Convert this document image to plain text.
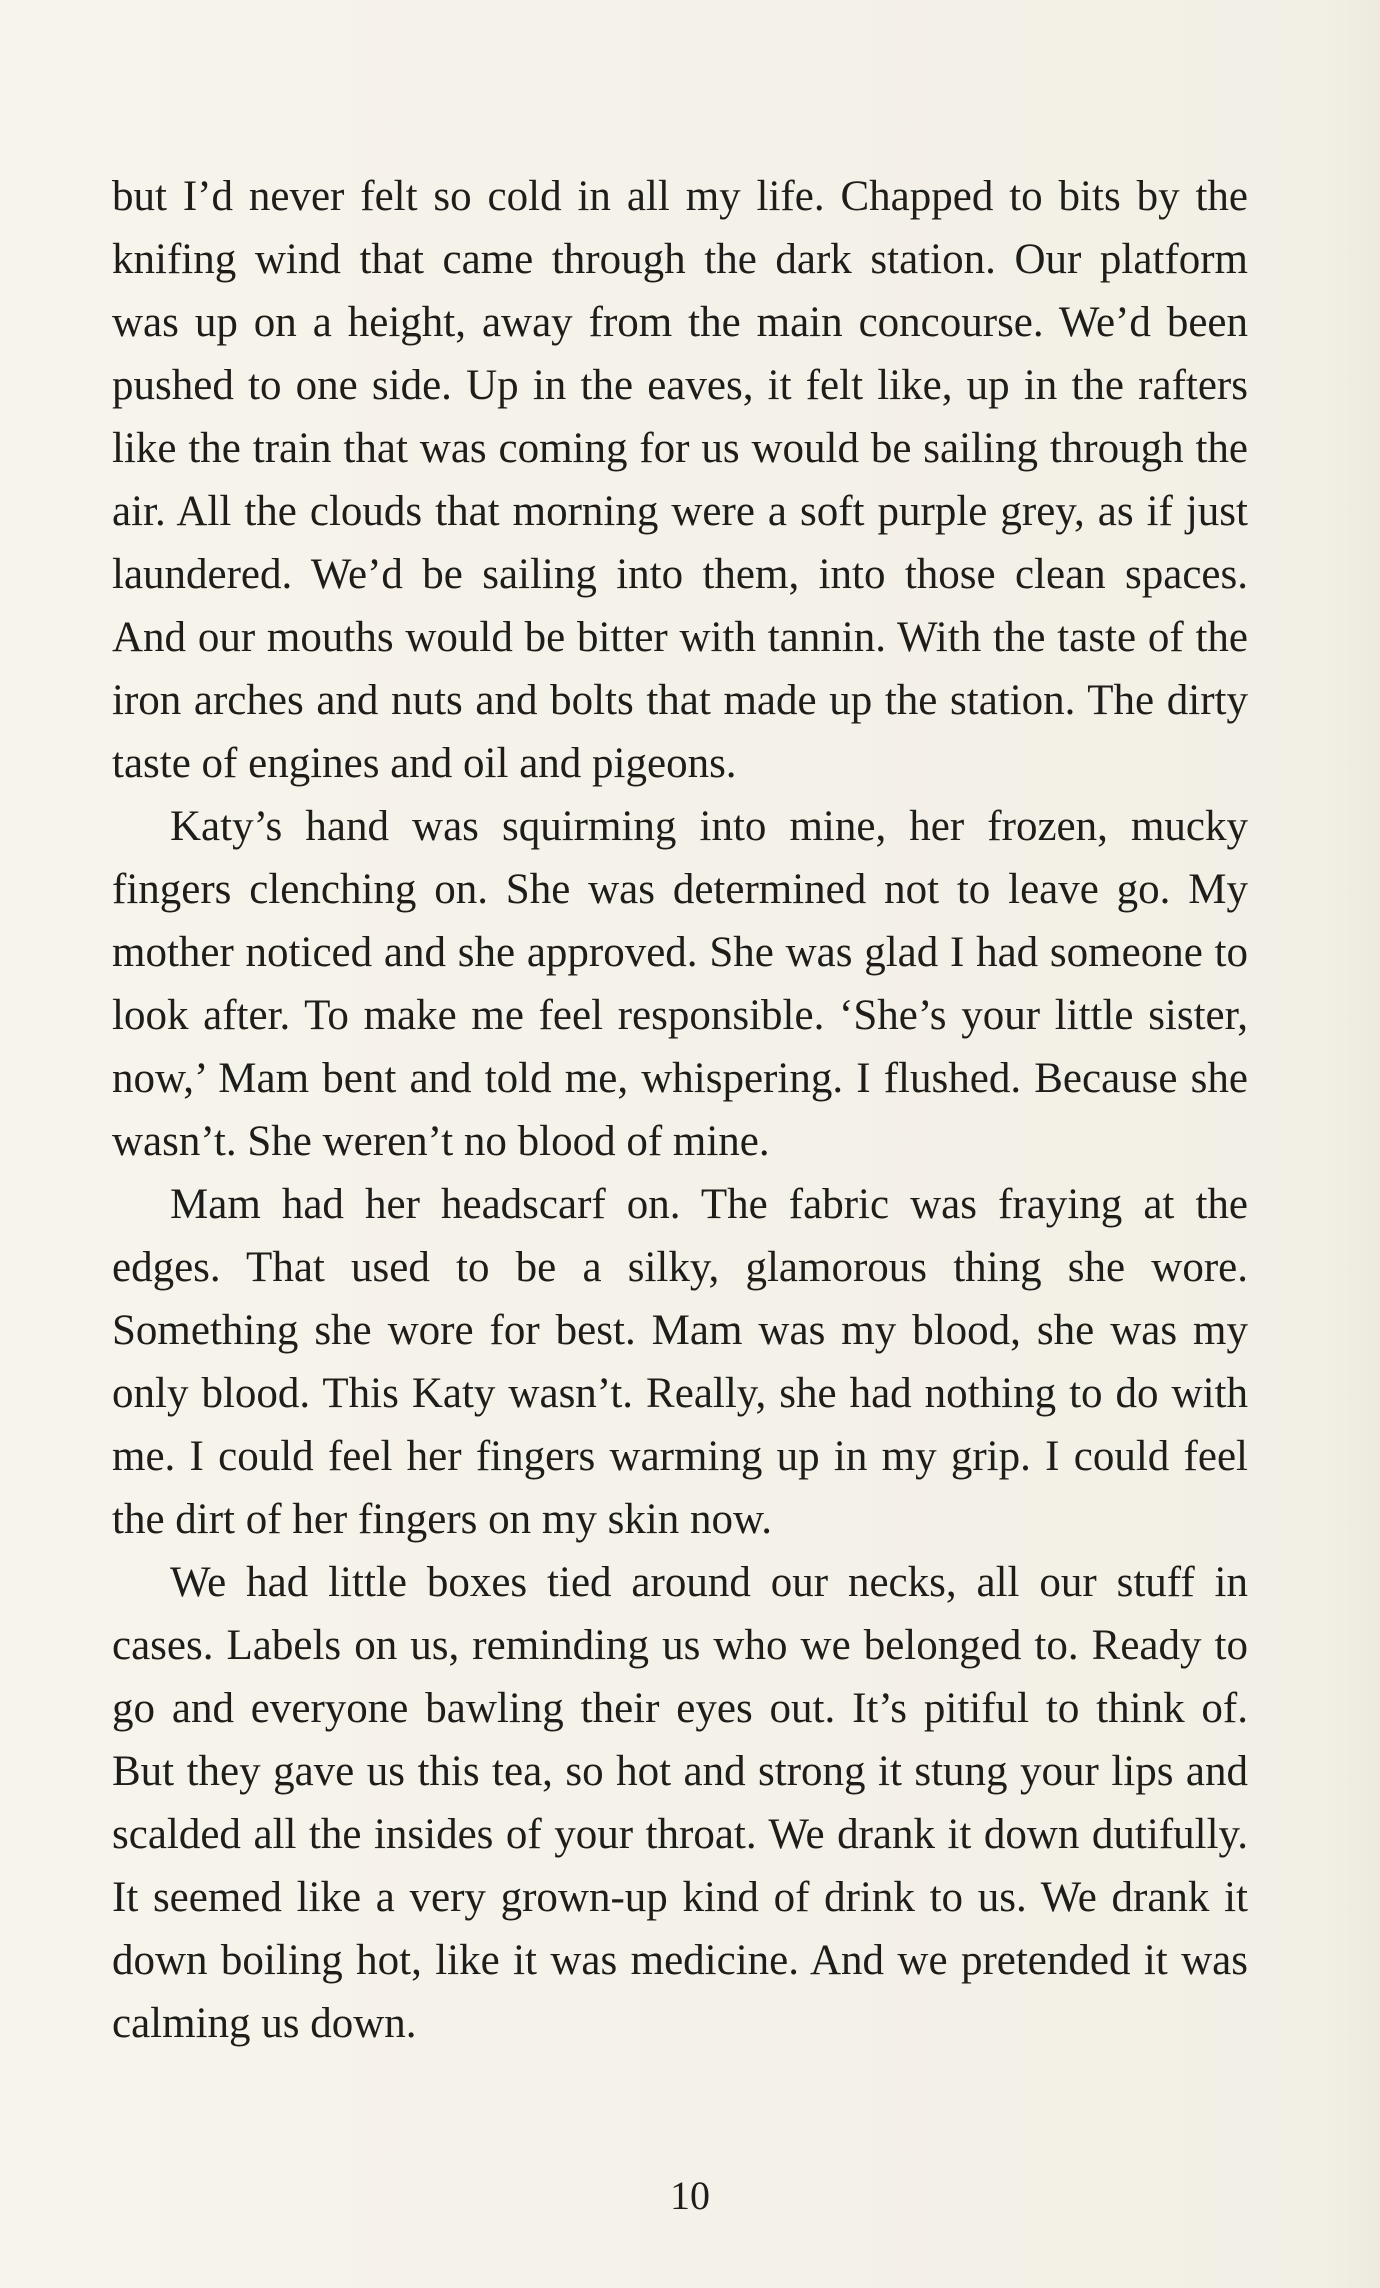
but I’d never felt so cold in all my life. Chapped to bits by the knifing wind that came through the dark station. Our platform was up on a height, away from the main concourse. We’d been pushed to one side. Up in the eaves, it felt like, up in the rafters like the train that was coming for us would be sailing through the air. All the clouds that morning were a soft purple grey, as if just laundered. We’d be sailing into them, into those clean spaces. And our mouths would be bitter with tannin. With the taste of the iron arches and nuts and bolts that made up the station. The dirty taste of engines and oil and pigeons.

Katy’s hand was squirming into mine, her frozen, mucky fingers clenching on. She was determined not to leave go. My mother noticed and she approved. She was glad I had someone to look after. To make me feel responsible. ‘She’s your little sister, now,’ Mam bent and told me, whispering. I flushed. Because she wasn’t. She weren’t no blood of mine.

Mam had her headscarf on. The fabric was fraying at the edges. That used to be a silky, glamorous thing she wore. Something she wore for best. Mam was my blood, she was my only blood. This Katy wasn’t. Really, she had nothing to do with me. I could feel her fingers warming up in my grip. I could feel the dirt of her fingers on my skin now.

We had little boxes tied around our necks, all our stuff in cases. Labels on us, reminding us who we belonged to. Ready to go and everyone bawling their eyes out. It’s pitiful to think of. But they gave us this tea, so hot and strong it stung your lips and scalded all the insides of your throat. We drank it down dutifully. It seemed like a very grown-up kind of drink to us. We drank it down boiling hot, like it was medicine. And we pretended it was calming us down.

10
